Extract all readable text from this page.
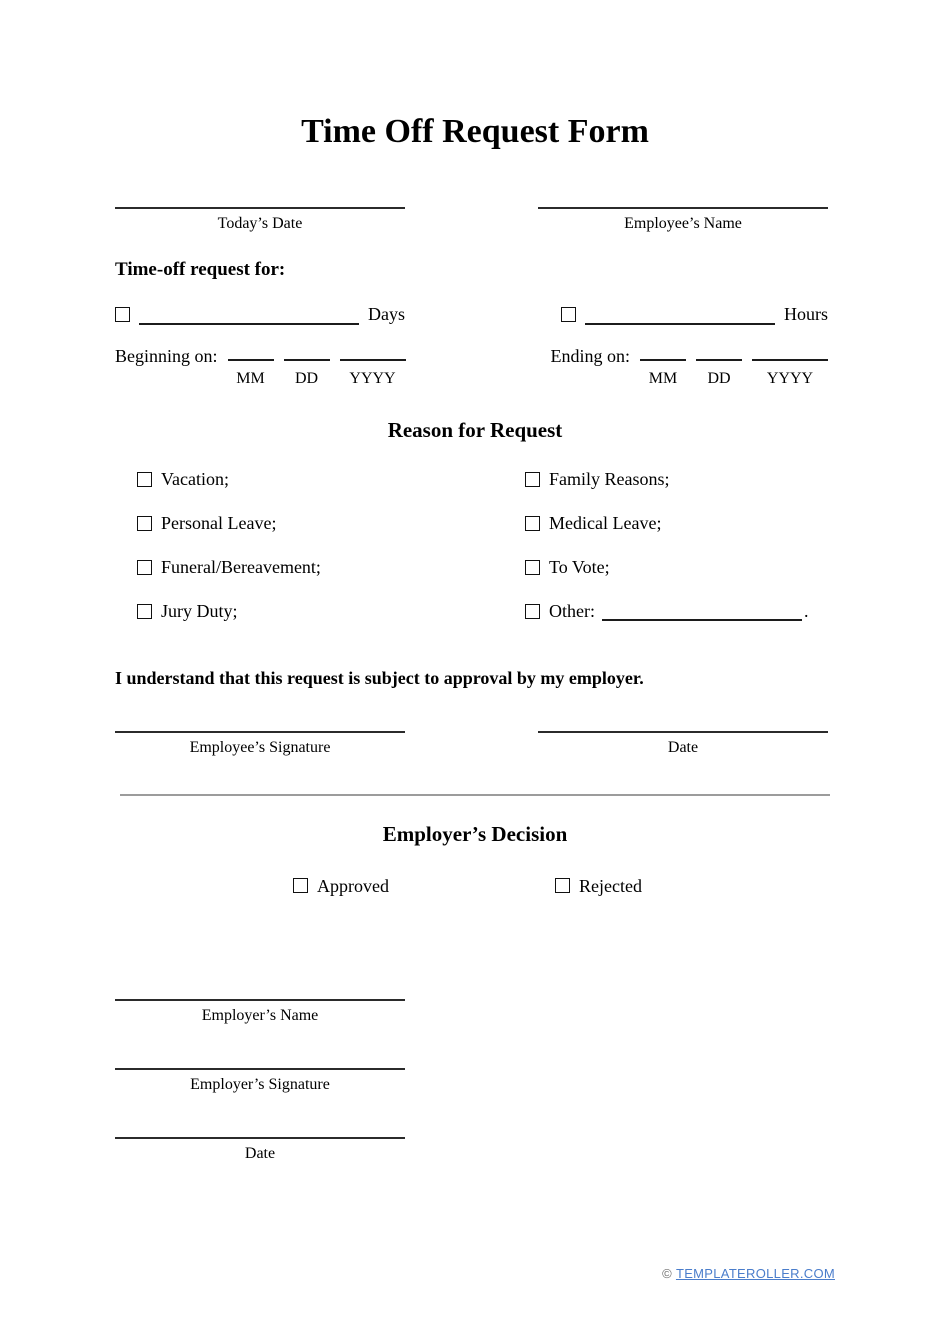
Time Off Request Form
Today’s Date	Employee’s Name
Time-off request for:
Days	Hours
Beginning on:
MM	DD	YYYY
Ending on:
MM	DD	YYYY
Reason for Request
Vacation;
Personal Leave;
Funeral/Bereavement;
Jury Duty;
Family Reasons;
Medical Leave;
To Vote;
Other:	.
I understand that this request is subject to approval by my employer.
Employee’s Signature	Date
Employer’s Decision
Approved	Rejected
Employer’s Name
Employer’s Signature
Date
© TEMPLATEROLLER.COM
